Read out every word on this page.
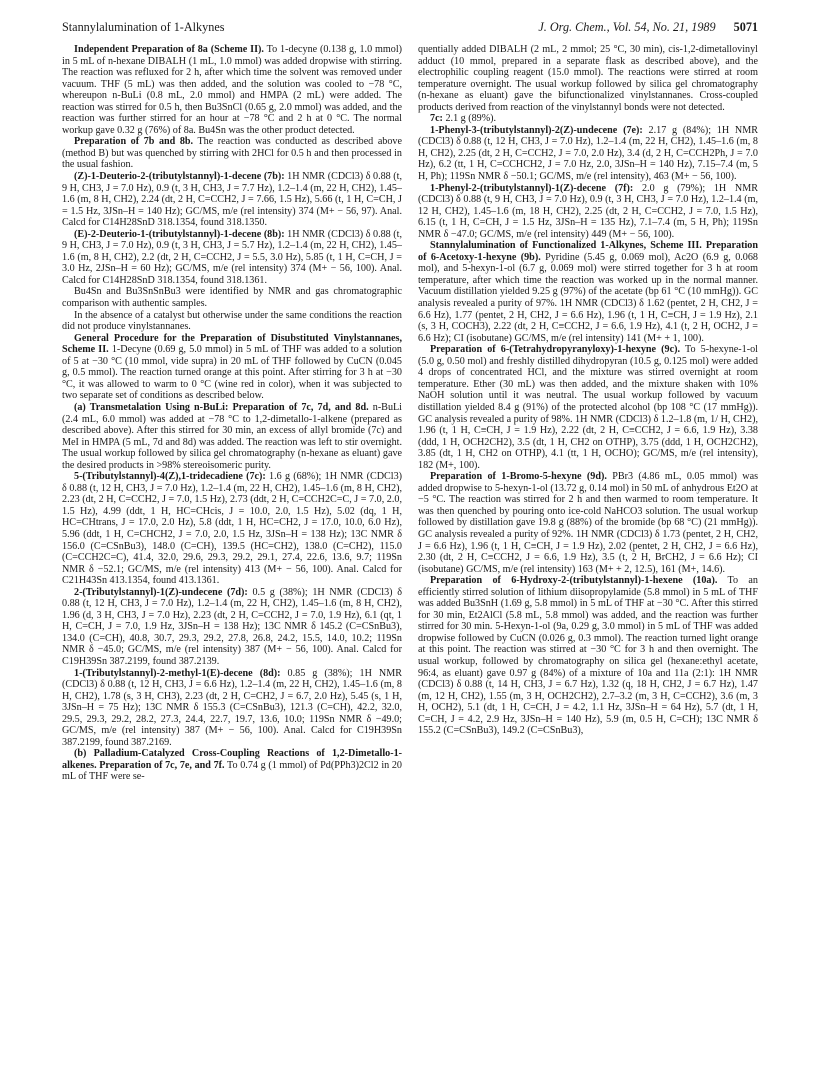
Stannylalumination of 1-Alkynes	J. Org. Chem., Vol. 54, No. 21, 1989 5071

Independent Preparation of 8a (Scheme II). To 1-decyne (0.138 g, 1.0 mmol) in 5 mL of n-hexane DIBALH (1 mL, 1.0 mmol) was added dropwise with stirring. The reaction was refluxed for 2 h, after which time the solvent was removed under vacuum. THF (5 mL) was then added, and the solution was cooled to −78 °C, whereupon n-BuLi (0.8 mL, 2.0 mmol) and HMPA (2 mL) were added. The reaction was stirred for 0.5 h, then Bu3SnCl (0.65 g, 2.0 mmol) was added, and the reaction was further stirred for an hour at −78 °C and 2 h at 0 °C. The normal workup gave 0.32 g (76%) of 8a. Bu4Sn was the other product detected.

Preparation of 7b and 8b. The reaction was conducted as described above (method B) but was quenched by stirring with 2HCl for 0.5 h and then processed in the usual fashion.

(Z)-1-Deuterio-2-(tributylstannyl)-1-decene (7b): 1H NMR (CDCl3) δ 0.88 (t, 9 H, CH3, J = 7.0 Hz), 0.9 (t, 3 H, CH3, J = 7.7 Hz), 1.2–1.4 (m, 22 H, CH2), 1.45–1.6 (m, 8 H, CH2), 2.24 (dt, 2 H, C=CCH2, J = 7.66, 1.5 Hz), 5.66 (t, 1 H, C=CH, J = 1.5 Hz, 3JSn–H = 140 Hz); GC/MS, m/e (rel intensity) 374 (M+ − 56, 97). Anal. Calcd for C14H28SnD 318.1354, found 318.1350.

(E)-2-Deuterio-1-(tributylstannyl)-1-decene (8b): 1H NMR (CDCl3) δ 0.88 (t, 9 H, CH3, J = 7.0 Hz), 0.9 (t, 3 H, CH3, J = 5.7 Hz), 1.2–1.4 (m, 22 H, CH2), 1.45–1.6 (m, 8 H, CH2), 2.2 (dt, 2 H, C=CCH2, J = 5.5, 3.0 Hz), 5.85 (t, 1 H, C=CH, J = 3.0 Hz, 2JSn–H = 60 Hz); GC/MS, m/e (rel intensity) 374 (M+ − 56, 100). Anal. Calcd for C14H28SnD 318.1354, found 318.1361.

Bu4Sn and Bu3SnSnBu3 were identified by NMR and gas chromatographic comparison with authentic samples.

In the absence of a catalyst but otherwise under the same conditions the reaction did not produce vinylstannanes.

General Procedure for the Preparation of Disubstituted Vinylstannanes, Scheme II. 1-Decyne (0.69 g, 5.0 mmol) in 5 mL of THF was added to a solution of 5 at −30 °C (10 mmol, vide supra) in 20 mL of THF followed by CuCN (0.045 g, 0.5 mmol). The reaction turned orange at this point. After stirring for 3 h at −30 °C, it was allowed to warm to 0 °C (wine red in color), when it was subjected to two separate set of conditions as described below.

(a) Transmetalation Using n-BuLi: Preparation of 7c, 7d, and 8d. n-BuLi (2.4 mL, 6.0 mmol) was added at −78 °C to 1,2-dimetallo-1-alkene (prepared as described above). After this stirred for 30 min, an excess of allyl bromide (7c) and MeI in HMPA (5 mL, 7d and 8d) was added. The reaction was left to stir overnight. The usual workup followed by silica gel chromatography (n-hexane as eluant) gave the desired products in >98% stereoisomeric purity.

5-(Tributylstannyl)-4(Z),1-tridecadiene (7c): 1.6 g (68%); 1H NMR (CDCl3) δ 0.88 (t, 12 H, CH3, J = 7.0 Hz), 1.2–1.4 (m, 22 H, CH2), 1.45–1.6 (m, 8 H, CH2), 2.23 (dt, 2 H, C=CCH2, J = 7.0, 1.5 Hz), 2.73 (ddt, 2 H, C=CCH2C=C, J = 7.0, 2.0, 1.5 Hz), 4.99 (ddt, 1 H, HC=CHcis, J = 10.0, 2.0, 1.5 Hz), 5.02 (dq, 1 H, HC=CHtrans, J = 17.0, 2.0 Hz), 5.8 (ddt, 1 H, HC=CH2, J = 17.0, 10.0, 6.0 Hz), 5.96 (ddt, 1 H, C=CHCH2, J = 7.0, 2.0, 1.5 Hz, 3JSn–H = 138 Hz); 13C NMR δ 156.0 (C=CSnBu3), 148.0 (C=CH), 139.5 (HC=CH2), 138.0 (C=CH2), 115.0 (C=CCH2C=C), 41.4, 32.0, 29.6, 29.3, 29.2, 29.1, 27.4, 22.6, 13.6, 9.7; 119Sn NMR δ −52.1; GC/MS, m/e (rel intensity) 413 (M+ − 56, 100). Anal. Calcd for C21H43Sn 413.1354, found 413.1361.

2-(Tributylstannyl)-1(Z)-undecene (7d): 0.5 g (38%); 1H NMR (CDCl3) δ 0.88 (t, 12 H, CH3, J = 7.0 Hz), 1.2–1.4 (m, 22 H, CH2), 1.45–1.6 (m, 8 H, CH2), 1.96 (d, 3 H, CH3, J = 7.0 Hz), 2.23 (dt, 2 H, C=CCH2, J = 7.0, 1.9 Hz), 6.1 (qt, 1 H, C=CH, J = 7.0, 1.9 Hz, 3JSn–H = 138 Hz); 13C NMR δ 145.2 (C=CSnBu3), 134.0 (C=CH), 40.8, 30.7, 29.3, 29.2, 27.8, 26.8, 24.2, 15.5, 14.0, 10.2; 119Sn NMR δ −45.0; GC/MS, m/e (rel intensity) 387 (M+ − 56, 100). Anal. Calcd for C19H39Sn 387.2199, found 387.2139.

1-(Tributylstannyl)-2-methyl-1(E)-decene (8d): 0.85 g (38%); 1H NMR (CDCl3) δ 0.88 (t, 12 H, CH3, J = 6.6 Hz), 1.2–1.4 (m, 22 H, CH2), 1.45–1.6 (m, 8 H, CH2), 1.78 (s, 3 H, CH3), 2.23 (dt, 2 H, C=CH2, J = 6.7, 2.0 Hz), 5.45 (s, 1 H, 3JSn–H = 75 Hz); 13C NMR δ 155.3 (C=CSnBu3), 121.3 (C=CH), 42.2, 32.0, 29.5, 29.3, 29.2, 28.2, 27.3, 24.4, 22.7, 19.7, 13.6, 10.0; 119Sn NMR δ −49.0; GC/MS, m/e (rel intensity) 387 (M+ − 56, 100). Anal. Calcd for C19H39Sn 387.2199, found 387.2169.

(b) Palladium-Catalyzed Cross-Coupling Reactions of 1,2-Dimetallo-1-alkenes. Preparation of 7c, 7e, and 7f. To 0.74 g (1 mmol) of Pd(PPh3)2Cl2 in 20 mL of THF were se-

quentially added DIBALH (2 mL, 2 mmol; 25 °C, 30 min), cis-1,2-dimetallovinyl adduct (10 mmol, prepared in a separate flask as described above), and the electrophilic coupling reagent (15.0 mmol). The reactions were stirred at room temperature overnight. The usual workup followed by silica gel chromatography (n-hexane as eluant) gave the bifunctionalized vinylstannanes. Cross-coupled products derived from reaction of the vinylstannyl bonds were not detected.

7c: 2.1 g (89%).

1-Phenyl-3-(tributylstannyl)-2(Z)-undecene (7e): 2.17 g (84%); 1H NMR (CDCl3) δ 0.88 (t, 12 H, CH3, J = 7.0 Hz), 1.2–1.4 (m, 22 H, CH2), 1.45–1.6 (m, 8 H, CH2), 2.25 (dt, 2 H, C=CCH2, J = 7.0, 2.0 Hz), 3.4 (d, 2 H, C=CCH2Ph, J = 7.0 Hz), 6.2 (tt, 1 H, C=CCHCH2, J = 7.0 Hz, 2.0, 3JSn–H = 140 Hz), 7.15–7.4 (m, 5 H, Ph); 119Sn NMR δ −50.1; GC/MS, m/e (rel intensity), 463 (M+ − 56, 100).

1-Phenyl-2-(tributylstannyl)-1(Z)-decene (7f): 2.0 g (79%); 1H NMR (CDCl3) δ 0.88 (t, 9 H, CH3, J = 7.0 Hz), 0.9 (t, 3 H, CH3, J = 7.0 Hz), 1.2–1.4 (m, 12 H, CH2), 1.45–1.6 (m, 18 H, CH2), 2.25 (dt, 2 H, C=CCH2, J = 7.0, 1.5 Hz), 6.15 (t, 1 H, C=CH, J = 1.5 Hz, 3JSn–H = 135 Hz), 7.1–7.4 (m, 5 H, Ph); 119Sn NMR δ −47.0; GC/MS, m/e (rel intensity) 449 (M+ − 56, 100).

Stannylalumination of Functionalized 1-Alkynes, Scheme III. Preparation of 6-Acetoxy-1-hexyne (9b). Pyridine (5.45 g, 0.069 mol), Ac2O (6.9 g, 0.068 mol), and 5-hexyn-1-ol (6.7 g, 0.069 mol) were stirred together for 3 h at room temperature, after which time the reaction was worked up in the normal manner. Vacuum distillation yielded 9.25 g (97%) of the acetate (bp 61 °C (10 mmHg)). GC analysis revealed a purity of 97%. 1H NMR (CDCl3) δ 1.62 (pentet, 2 H, CH2, J = 6.6 Hz), 1.77 (pentet, 2 H, CH2, J = 6.6 Hz), 1.96 (t, 1 H, C≡CH, J = 1.9 Hz), 2.1 (s, 3 H, COCH3), 2.22 (dt, 2 H, C≡CCH2, J = 6.6, 1.9 Hz), 4.1 (t, 2 H, OCH2, J = 6.6 Hz); CI (isobutane) GC/MS, m/e (rel intensity) 141 (M+ + 1, 100).

Preparation of 6-(Tetrahydropyranyloxy)-1-hexyne (9c). To 5-hexyne-1-ol (5.0 g, 0.50 mol) and freshly distilled dihydropyran (10.5 g, 0.125 mol) were added 4 drops of concentrated HCl, and the mixture was stirred overnight at room temperature. Ether (30 mL) was then added, and the mixture shaken with 10% NaOH solution until it was neutral. The usual workup followed by vacuum distillation yielded 8.4 g (91%) of the protected alcohol (bp 108 °C (17 mmHg)). GC analysis revealed a purity of 98%. 1H NMR (CDCl3) δ 1.2–1.8 (m, 1/ H, CH2), 1.96 (t, 1 H, C≡CH, J = 1.9 Hz), 2.22 (dt, 2 H, C≡CCH2, J = 6.6, 1.9 Hz), 3.38 (ddd, 1 H, OCH2CH2), 3.5 (dt, 1 H, CH2 on OTHP), 3.75 (ddd, 1 H, OCH2CH2), 3.85 (dt, 1 H, CH2 on OTHP), 4.1 (tt, 1 H, OCHO); GC/MS, m/e (rel intensity), 182 (M+, 100).

Preparation of 1-Bromo-5-hexyne (9d). PBr3 (4.86 mL, 0.05 mmol) was added dropwise to 5-hexyn-1-ol (13.72 g, 0.14 mol) in 50 mL of anhydrous Et2O at −5 °C. The reaction was stirred for 2 h and then warmed to room temperature. It was then quenched by pouring onto ice-cold NaHCO3 solution. The usual workup followed by distillation gave 19.8 g (88%) of the bromide (bp 68 °C) (21 mmHg)). GC analysis revealed a purity of 92%. 1H NMR (CDCl3) δ 1.73 (pentet, 2 H, CH2, J = 6.6 Hz), 1.96 (t, 1 H, C≡CH, J = 1.9 Hz), 2.02 (pentet, 2 H, CH2, J = 6.6 Hz), 2.30 (dt, 2 H, C≡CCH2, J = 6.6, 1.9 Hz), 3.5 (t, 2 H, BrCH2, J = 6.6 Hz); CI (isobutane) GC/MS, m/e (rel intensity) 163 (M+ + 2, 12.5), 161 (M+, 14.6).

Preparation of 6-Hydroxy-2-(tributylstannyl)-1-hexene (10a). To an efficiently stirred solution of lithium diisopropylamide (5.8 mmol) in 5 mL of THF was added Bu3SnH (1.69 g, 5.8 mmol) in 5 mL of THF at −30 °C. After this stirred for 30 min, Et2AlCl (5.8 mL, 5.8 mmol) was added, and the reaction was further stirred for 30 min. 5-Hexyn-1-ol (9a, 0.29 g, 3.0 mmol) in 5 mL of THF was added dropwise followed by CuCN (0.026 g, 0.3 mmol). The reaction turned light orange at this point. The reaction was stirred at −30 °C for 3 h and then overnight. The usual workup, followed by chromatography on silica gel (hexane:ethyl acetate, 96:4, as eluant) gave 0.97 g (84%) of a mixture of 10a and 11a (2:1): 1H NMR (CDCl3) δ 0.88 (t, 14 H, CH3, J = 6.7 Hz), 1.32 (q, 18 H, CH2, J = 6.7 Hz), 1.47 (m, 12 H, CH2), 1.55 (m, 3 H, OCH2CH2), 2.7–3.2 (m, 3 H, C=CCH2), 3.6 (m, 3 H, OCH2), 5.1 (dt, 1 H, C=CH, J = 4.2, 1.1 Hz, 3JSn–H = 64 Hz), 5.7 (dt, 1 H, C=CH, J = 4.2, 2.9 Hz, 3JSn–H = 140 Hz), 5.9 (m, 0.5 H, C=CH); 13C NMR δ 155.2 (C=CSnBu3), 149.2 (C=CSnBu3),
